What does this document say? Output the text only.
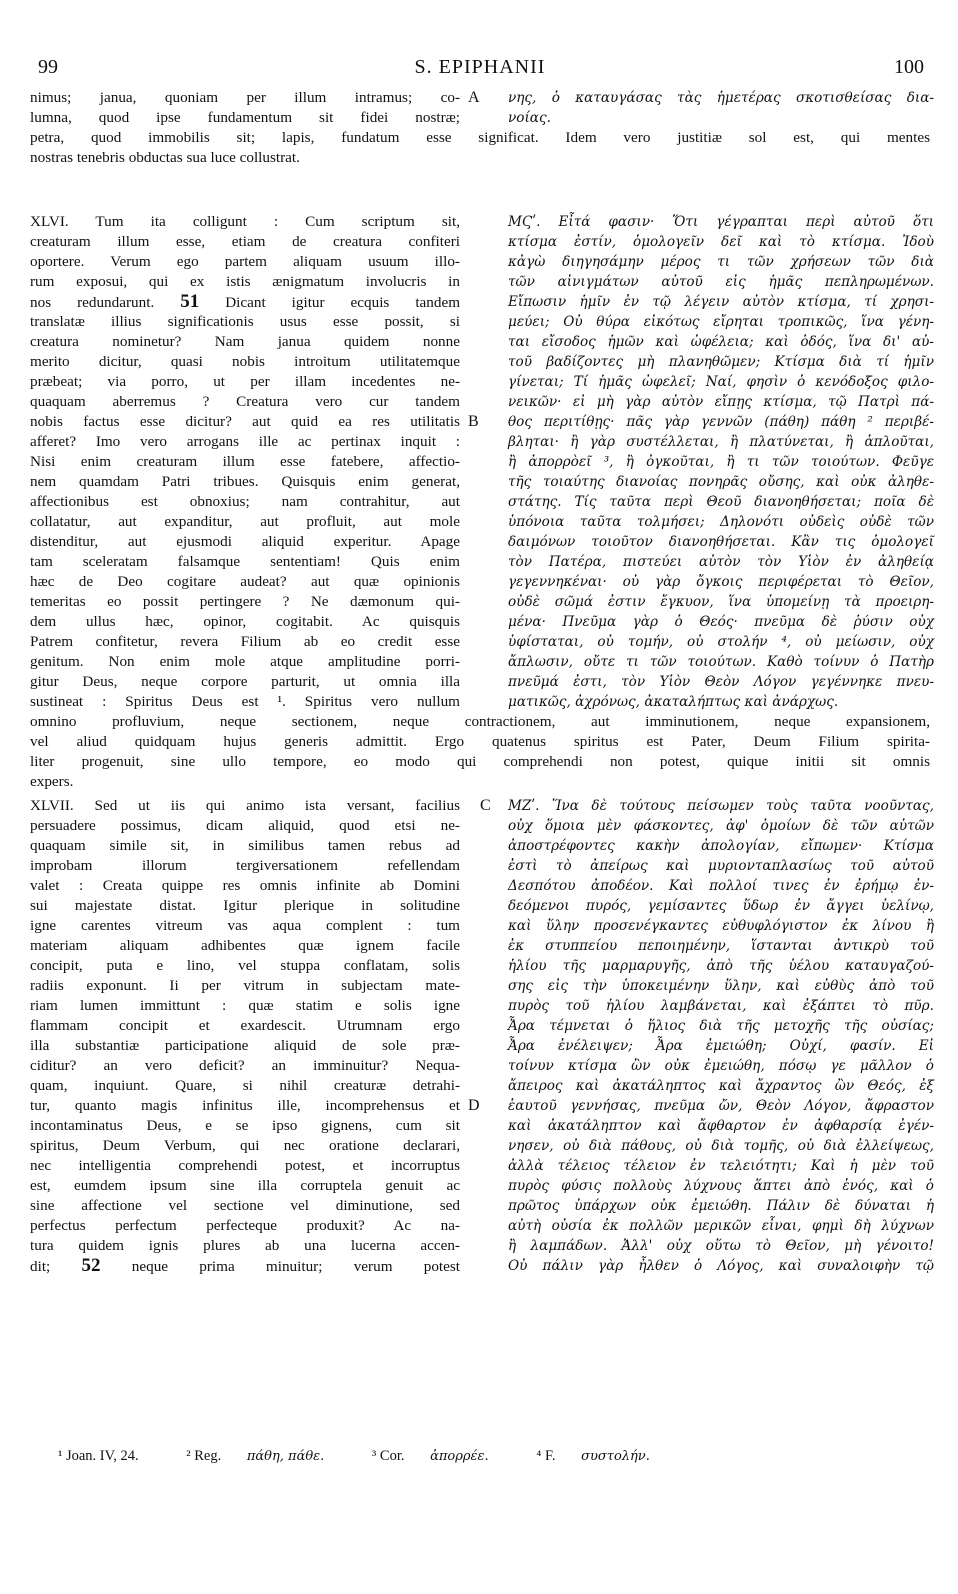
99	S. EPIPHANII	100
nimus; janua, quoniam per illum intramus; co- A νης, ὁ καταυγάσας τὰς ἡμετέρας σκοτισθείσας δια-
lumna, quod ipse fundamentum sit fidei nostræ;	νοίας.
petra, quod immobilis sit; lapis, fundatum esse significat. Idem vero justitiæ sol est, qui mentes
nostras tenebris obductas sua luce collustrat.
omnino profluvium, neque sectionem, neque contractionem, aut imminutionem, neque expansionem,
vel aliud quidquam hujus generis admittit. Ergo quatenus spiritus est Pater, Deum Filium spirita-
liter progenuit, sine ullo tempore, eo modo qui comprehendi non potest, quique initii sit omnis
expers.
¹ Joan. IV, 24.	² Reg. πάθη, πάθε.	³ Cor. ἀπορρέε.	⁴ F. συστολήν.
XLVI. Tum ita colligunt : Cum scriptum sit,	ΜϚʹ. Εἶτά φασιν· Ὅτι γέγραπται περὶ αὐτοῦ ὅτι
creaturam illum esse, etiam de creatura confiteri	κτίσμα ἐστίν, ὁμολογεῖν δεῖ καὶ τὸ κτίσμα. Ἰδοὺ
oportere. Verum ego partem aliquam usuum illo-	κἀγὼ διηγησάμην μέρος τι τῶν χρήσεων τῶν διὰ
rum exposui, qui ex istis ænigmatum involucris in	τῶν αἰνιγμάτων αὐτοῦ εἰς ἡμᾶς πεπληρωμένων.
nos redundarunt. 51 Dicant igitur ecquis tandem	Εἴπωσιν ἡμῖν ἐν τῷ λέγειν αὐτὸν κτίσμα, τί χρησι-
translatæ illius significationis usus esse possit, si	μεύει; Οὐ θύρα εἰκότως εἴρηται τροπικῶς, ἵνα γένη-
creatura nominetur? Nam janua quidem nonne	ται εἴσοδος ἡμῶν καὶ ὠφέλεια; καὶ ὁδός, ἵνα δι' αὐ-
merito dicitur, quasi nobis introitum utilitatemque	τοῦ βαδίζοντες μὴ πλανηθῶμεν; Κτίσμα διὰ τί ἡμῖν
præbeat; via porro, ut per illam incedentes ne-	γίνεται; Τί ἡμᾶς ὠφελεῖ; Ναί, φησὶν ὁ κενόδοξος φιλο-
quaquam aberremus ? Creatura vero cur tandem	νεικῶν· εἰ μὴ γὰρ αὐτὸν εἴπῃς κτίσμα, τῷ Πατρὶ πά-
nobis factus esse dicitur? aut quid ea res utilitatis	θος περιτίθῃς· πᾶς γὰρ γεννῶν (πάθη) πάθη ² περιβέ-
B
afferet? Imo vero arrogans ille ac pertinax inquit :	βληται· ἢ γὰρ συστέλλεται, ἢ πλατύνεται, ἢ ἁπλοῦται,
Nisi enim creaturam illum esse fatebere, affectio-	ἢ ἀπορρὸεῖ ³, ἢ ὀγκοῦται, ἢ τι τῶν τοιούτων. Φεῦγε
nem quamdam Patri tribues. Quisquis enim generat,	τῆς τοιαύτης διανοίας πονηρᾶς οὔσης, καὶ οὐκ ἀληθε-
affectionibus est obnoxius; nam contrahitur, aut	στάτης. Τίς ταῦτα περὶ Θεοῦ διανοηθήσεται; ποῖα δὲ
collatatur, aut expanditur, aut profluit, aut mole	ὑπόνοια ταῦτα τολμήσει; Δηλονότι οὐδεὶς οὐδὲ τῶν
distenditur, aut ejusmodi aliquid experitur. Apage	δαιμόνων τοιοῦτον διανοηθήσεται. Κἂν τις ὁμολογεῖ
tam sceleratam falsamque sententiam! Quis enim	τὸν Πατέρα, πιστεύει αὐτὸν τὸν Υἱὸν ἐν ἀληθείᾳ
hæc de Deo cogitare audeat? aut quæ opinionis	γεγεννηκέναι· οὐ γὰρ ὄγκοις περιφέρεται τὸ Θεῖον,
temeritas eo possit pertingere ? Ne dæmonum qui-	οὐδὲ σῶμά ἐστιν ἔγκυον, ἵνα ὑπομείνῃ τὰ προειρη-
dem ullus hæc, opinor, cogitabit. Ac quisquis	μένα· Πνεῦμα γὰρ ὁ Θεός· πνεῦμα δὲ ῥύσιν οὐχ
Patrem confitetur, revera Filium ab eo credit esse	ὑφίσταται, οὐ τομήν, οὐ στολήν ⁴, οὐ μείωσιν, οὐχ
genitum. Non enim mole atque amplitudine porri-	ἄπλωσιν, οὔτε τι τῶν τοιούτων. Καθὸ τοίνυν ὁ Πατὴρ
gitur Deus, neque corpore parturit, ut omnia illa	πνεῦμά ἐστι, τὸν Υἱὸν Θεὸν Λόγον γεγέννηκε πνευ-
sustineat : Spiritus Deus est ¹. Spiritus vero nullum	ματικῶς, ἀχρόνως, ἀκαταλήπτως καὶ ἀνάρχως.
XLVII. Sed ut iis qui animo ista versant, facilius	ΜΖʹ. Ἵνα δὲ τούτους πείσωμεν τοὺς ταῦτα νοοῦντας,
C
persuadere possimus, dicam aliquid, quod etsi ne-	οὐχ ὅμοια μὲν φάσκοντες, ἀφ' ὁμοίων δὲ τῶν αὐτῶν
quaquam simile sit, in similibus tamen rebus ad	ἀποστρέφοντες κακὴν ἀπολογίαν, εἴπωμεν· Κτίσμα
improbam illorum tergiversationem refellendam	ἐστὶ τὸ ἀπείρως καὶ μυριονταπλασίως τοῦ αὐτοῦ
valet : Creata quippe res omnis infinite ab Domini	Δεσπότου ἀποδέον. Καὶ πολλοί τινες ἐν ἐρήμῳ ἐν-
sui majestate distat. Igitur plerique in solitudine	δεόμενοι πυρός, γεμίσαντες ὕδωρ ἐν ἄγγει ὑελίνῳ,
igne carentes vitreum vas aqua complent : tum	καὶ ὕλην προσενέγκαντες εὐθυφλόγιστον ἐκ λίνου ἢ
materiam aliquam adhibentes quæ ignem facile	ἐκ στυππείου πεποιημένην, ἵστανται ἀντικρὺ τοῦ
concipit, puta e lino, vel stuppa conflatam, solis	ἡλίου τῆς μαρμαρυγῆς, ἀπὸ τῆς ὑέλου καταυγαζού-
radiis exponunt. Ii per vitrum in subjectam mate-	σης εἰς τὴν ὑποκειμένην ὕλην, καὶ εὐθὺς ἀπὸ τοῦ
riam lumen immittunt : quæ statim e solis igne	πυρὸς τοῦ ἡλίου λαμβάνεται, καὶ ἐξάπτει τὸ πῦρ.
flammam concipit et exardescit. Utrumnam ergo	Ἆρα τέμνεται ὁ ἥλιος διὰ τῆς μετοχῆς τῆς οὐσίας;
illa substantiæ participatione aliquid de sole præ-	Ἆρα ἐνέλειψεν; Ἆρα ἐμειώθη; Οὐχί, φασίν. Εἰ
ciditur? an vero deficit? an imminuitur? Nequa-	τοίνυν κτίσμα ὢν οὐκ ἐμειώθη, πόσῳ γε μᾶλλον ὁ
quam, inquiunt. Quare, si nihil creaturæ detrahi-	ἄπειρος καὶ ἀκατάληπτος καὶ ἄχραντος ὢν Θεός, ἐξ
tur, quanto magis infinitus ille, incomprehensus et	ἑαυτοῦ γεννήσας, πνεῦμα ὤν, Θεὸν Λόγον, ἄφραστον
D
incontaminatus Deus, e se ipso gignens, cum sit	καὶ ἀκατάληπτον καὶ ἄφθαρτον ἐν ἀφθαρσίᾳ ἐγέν-
spiritus, Deum Verbum, qui nec oratione declarari,	νησεν, οὐ διὰ πάθους, οὐ διὰ τομῆς, οὐ διὰ ἐλλείψεως,
nec intelligentia comprehendi potest, et incorruptus	ἀλλὰ τέλειος τέλειον ἐν τελειότητι; Καὶ ἡ μὲν τοῦ
est, eumdem ipsum sine illa corruptela genuit ac	πυρὸς φύσις πολλοὺς λύχνους ἅπτει ἀπὸ ἑνός, καὶ ὁ
sine affectione vel sectione vel diminutione, sed	πρῶτος ὑπάρχων οὐκ ἐμειώθη. Πάλιν δὲ δύναται ἡ
perfectus perfectum perfecteque produxit? Ac na-	αὐτὴ οὐσία ἐκ πολλῶν μερικῶν εἶναι, φημὶ δὴ λύχνων
tura quidem ignis plures ab una lucerna accen-	ἢ λαμπάδων. Ἀλλ' οὐχ οὕτω τὸ Θεῖον, μὴ γένοιτο!
dit; 52 neque prima minuitur; verum potest	Οὐ πάλιν γὰρ ἦλθεν ὁ Λόγος, καὶ συναλοιφὴν τῷ
